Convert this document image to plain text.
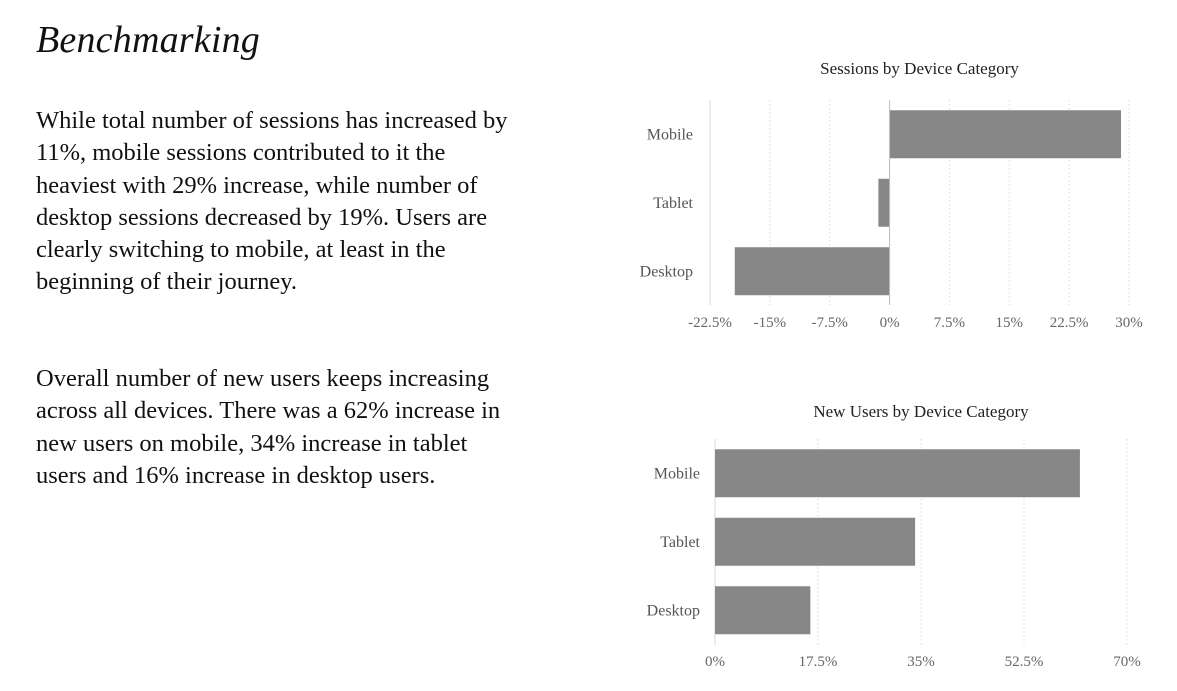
Benchmarking

While total number of sessions has increased by 11%, mobile sessions contributed to it the heaviest with 29% increase, while number of desktop sessions decreased by 19%. Users are clearly switching to mobile, at least in the beginning of their journey.

Overall number of new users keeps increasing across all devices. There was a 62% increase in new users on mobile, 34% increase in tablet users and 16% increase in desktop users.

Sessions by Device Category
Mobile
Tablet
Desktop
-22.5% -15% -7.5% 0% 7.5% 15% 22.5% 30%
New Users by Device Category
Mobile
Tablet
Desktop
0%	17.5%	35%	52.5%	70%
